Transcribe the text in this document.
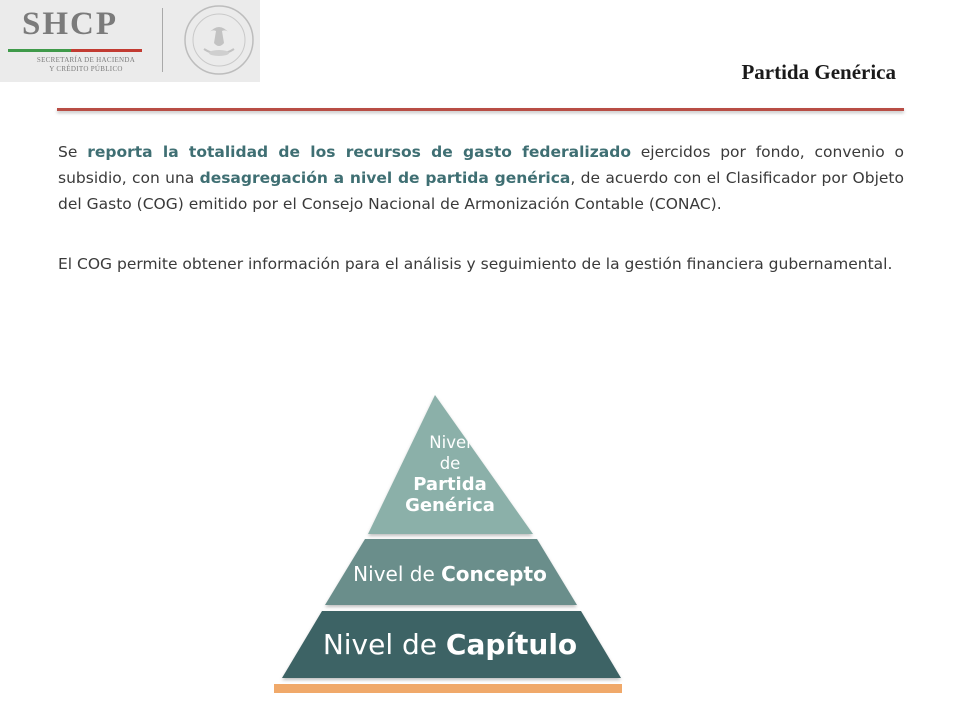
SHCP
SECRETARÍA DE HACIENDA
Y CRÉDITO PÚBLICO	Partida Genérica
Se reporta la totalidad de los recursos de gasto federalizado ejercidos por fondo, convenio o subsidio, con una desagregación a nivel de partida genérica, de acuerdo con el Clasificador por Objeto del Gasto (COG) emitido por el Consejo Nacional de Armonización Contable (CONAC).
El COG permite obtener información para el análisis y seguimiento de la gestión financiera gubernamental.
Nivel
de
Partida
Genérica
Nivel de Concepto
Nivel de Capítulo
